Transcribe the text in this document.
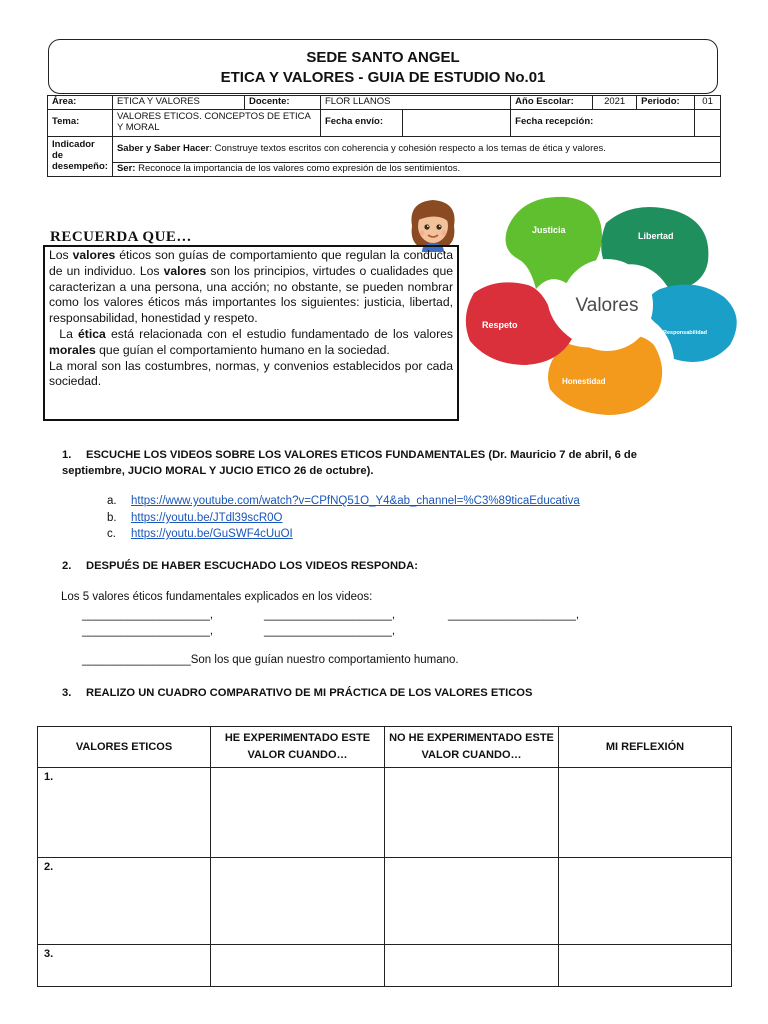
SEDE SANTO ANGEL
ETICA Y VALORES - GUIA DE ESTUDIO No.01
Área:	ETICA Y VALORES	Docente:	FLOR LLANOS		Año Escolar:	2021	Periodo:	01
Tema:	VALORES ETICOS. CONCEPTOS DE ETICA Y MORAL		Fecha envío:		Fecha recepción:			
Indicador de desempeño:	Saber y Saber Hacer: Construye textos escritos con coherencia y cohesión respecto a los temas de ética y valores.							
	Ser: Reconoce la importancia de los valores como expresión de los sentimientos.							
RECUERDA QUE…

Los valores éticos son guías de comportamiento que regulan la conducta de un individuo. Los valores son los principios, virtudes o cualidades que caracterizan a una persona, una acción; no obstante, se pueden nombrar como los valores éticos más importantes los siguientes: justicia, libertad, responsabilidad, honestidad y respeto.

La ética está relacionada con el estudio fundamentado de los valores morales que guían el comportamiento humano en la sociedad.

La moral son las costumbres, normas, y convenios establecidos por cada sociedad.

Justicia
Libertad
Responsabilidad
Honestidad
Respeto
Valores
1. ESCUCHE LOS VIDEOS SOBRE LOS VALORES ETICOS FUNDAMENTALES (Dr. Mauricio 7 de abril, 6 de septiembre, JUCIO MORAL Y JUCIO ETICO 26 de octubre).
a. https://www.youtube.com/watch?v=CPfNQ51O_Y4&ab_channel=%C3%89ticaEducativa
b. https://youtu.be/JTdl39scR0O
c. https://youtu.be/GuSWF4cUuOI
2. DESPUÉS DE HABER ESCUCHADO LOS VIDEOS RESPONDA:
Los 5 valores éticos fundamentales explicados en los videos:
____________________,	____________________,	____________________,
____________________,	____________________,
_________________Son los que guían nuestro comportamiento humano.
3. REALIZO UN CUADRO COMPARATIVO DE MI PRÁCTICA DE LOS VALORES ETICOS
VALORES ETICOS	HE EXPERIMENTADO ESTE VALOR CUANDO…	NO HE EXPERIMENTADO ESTE VALOR CUANDO…	MI REFLEXIÓN
1.			
2.			
3.			
